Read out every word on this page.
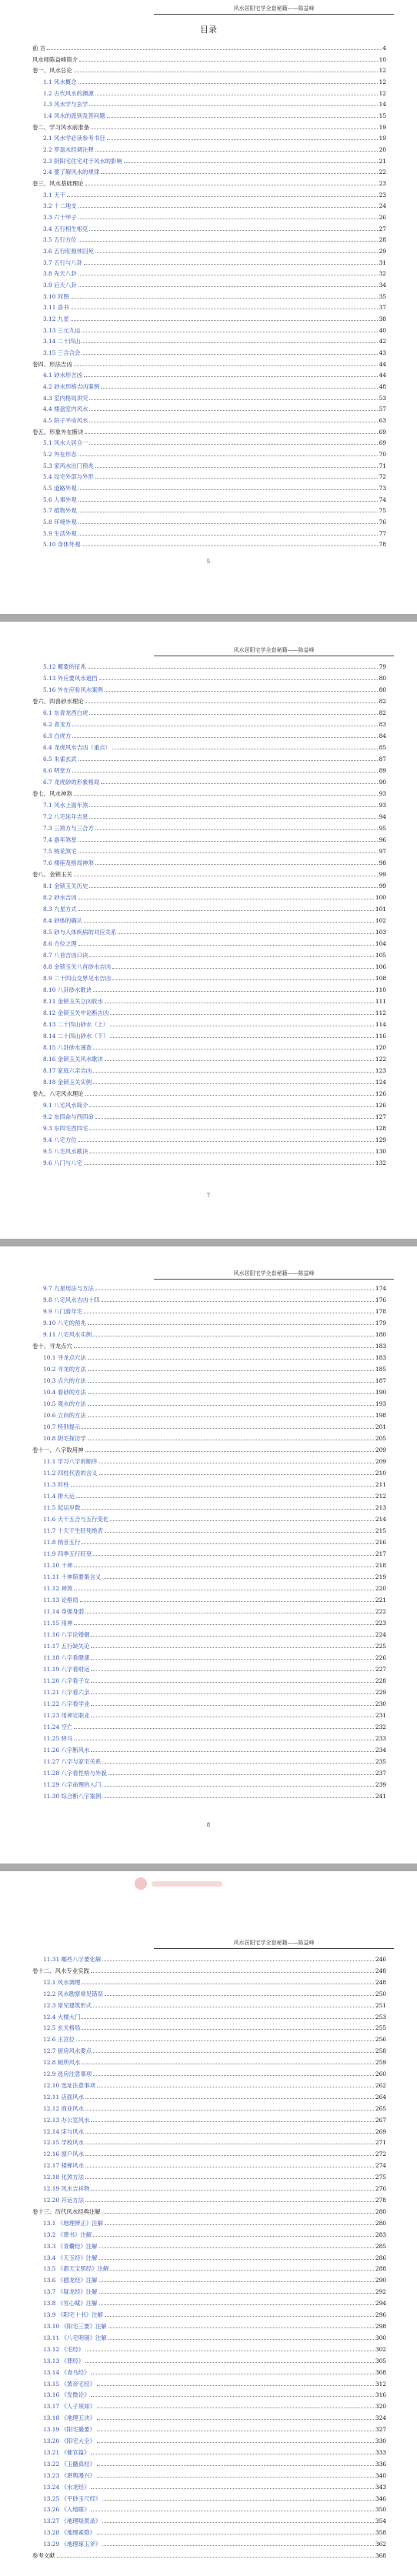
风水居阳宅学全套秘籍——陈益峰
目录
前 言	4
风水师陈益峰简介	10
卷一、风水总论	12
1.1 风水概念	12
1.2 古代风水的渊源	12
1.3 风水学与玄学	14
1.4 风水的派别及答问题	15
卷二、学习风水前准备	19
2.1 风水学必读参考书目	19
2.2 罗盘水经调注释	20
2.3 阴阳宅住宅对于风水的影响	21
2.4 要了解风水的规律	22
卷三、风水基础理论	23
3.1 天干	23
3.2 十二地支	24
3.3 六十甲子	26
3.4 五行相生相克	27
3.5 五行方位	28
3.6 五行旺相休囚死	29
3.7 五行与八卦	31
3.8 先天八卦	32
3.9 后天八卦	34
3.10 河图	35
3.11 洛书	37
3.12 九星	38
3.13 三元九运	40
3.14 二十四山	42
3.15 三合合会	43
卷四、形法吉凶	44
4.1 砂水形吉凶	44
4.2 砂水形格吉凶案例	48
4.3 室内格局讲究	53
4.4 楼盘室内风水	57
4.5 院子平房风水	63
卷五、形象外在断诀	69
5.1 风水人居合一	69
5.2 外在形态	70
5.3 家风水出门预兆	71
5.4 坟宅外部与外形	72
5.5 道路外观	73
5.6 人事外观	74
5.7 植物外观	75
5.8 环境外观	76
5.9 生活外观	77
5.10 身体外观	78
5
风水居阳宅学全套秘籍——陈益峰
5.12 概要的征兆	79
5.13 外应要风水遮挡	80
5.16 外在应验风水案例	80
卷六、四兽砂水理论	82
6.1 东青龙西白虎	82
6.2 青龙方	83
6.3 白虎方	84
6.4 龙虎风水吉凶（重点）	85
6.5 朱雀玄武	87
6.6 明堂方	89
6.7 龙虎砂的形象格局	90
卷七、风水神煞	93
7.1 风水上面年煞	93
7.2 八宅延年吉星	94
7.3 三煞方与三合方	95
7.4 游年煞星	96
7.5 桃花煞宅	97
7.6 楼座及格局神煞	98
卷八、金锁玉关	99
8.1 金锁玉关历史	99
8.2 砂水吉凶	100
8.3 九星方式	101
8.4 砂体的确认	102
8.5 砂与人体疾病的对应关系	103
8.6 方位之理	104
8.7 八首吉凶口诀	105
8.8 金锁玉关八首砂水吉凶	106
8.9 二十四山交界见水吉凶	108
8.10 八卦砂水歌诀	110
8.11 金锁玉关立向收水	111
8.12 金锁玉关中论断吉凶	112
8.13 二十四山砂水（上）	114
8.14 二十四山砂水（下）	116
8.15 八卦砂水速查	120
8.16 金锁玉关风水歌诀	122
8.17 家庭六亲吉凶	123
8.18 金锁玉关实例	124
卷九、八宅风水理论	126
9.1 八宅风水简介	126
9.2 东四命与西四命	127
9.3 东四宅西四宅	128
9.4 八宅方位	129
9.5 八宅风水歌诀	130
9.6 八门与八宅	132
7
风水居阳宅学全套秘籍——陈益峰
9.7 九星用法与方法	174
9.8 八宅风水吉凶十四	176
9.9 八门游年宅	178
9.10 八宅的预兆	179
9.11 八宅风水实例	180
卷十、寻龙点穴	183
10.1 寻龙点穴法	183
10.2 寻龙的方法	185
10.3 点穴的方法	187
10.4 看砂的方法	190
10.5 观水的方法	193
10.6 立向的方法	198
10.7 特别提示	201
10.8 阴宅探访学	205
卷十一、八字取用神	209
11.1 学习八字的顺序	209
11.2 四柱代表的含义	210
11.3 时柱	211
11.4 排大运	212
11.5 起运岁数	213
11.6 天干五合与五行变化	214
11.7 十天干生旺死绝表	215
11.8 纳音五行	216
11.9 四季五行旺衰	217
11.10 十神	218
11.11 十神简要集含义	219
11.12 神煞	220
11.13 论格局	221
11.14 身强身弱	222
11.15 用神	223
11.16 八字论婚姻	224
11.17 五行缺失论	225
11.18 八字看健康	226
11.19 八字看财运	227
11.20 八字看子女	228
11.21 八字看六亲	229
11.22 八字看学业	230
11.23 用神定职业	231
11.24 空亡	232
11.25 驿马	233
11.26 八字断风水	234
11.27 八字与家宅关系	235
11.28 八字看性格与外貌	237
11.29 八字命理的入门	239
11.30 综合断八字案例	241
8
风水居阳宅学全套秘籍——陈益峰
11.31 哪些八字要化解	246
卷十二、风水专业实践	248
12.1 风水调理	248
12.2 风水勘察常见错误	250
12.3 常见建筑形式	251
12.4 大楼大门	253
12.5 玄关格局	255
12.6 王宫位	256
12.7 厨房风水要点	258
12.8 厕所风水	259
12.9 选房注意事项	260
12.10 选址注意事项	262
12.11 店面风水	264
12.12 商业风水	265
12.13 办公室风水	267
12.14 床与风水	269
12.15 学校风水	271
12.16 窗户风水	272
12.17 楼梯风水	274
12.18 化煞方法	275
12.19 风水吉祥物	276
12.20 开运方法	278
卷十三、历代风水经典注解	280
13.1 《地理辨正》注解	280
13.2 《葬书》注解	283
13.3 《青囊经》注解	285
13.4 《天玉经》注解	286
13.5 《都天宝照经》注解	288
13.6 《撼龙经》注解	290
13.7 《疑龙经》注解	292
13.8 《雪心赋》注解	294
13.9 《阳宅十书》注解	296
13.10 《阳宅三要》注解	298
13.11 《八宅明镜》注解	300
13.12 《宅经》	302
13.13 《葬经》	305
13.14 《青乌经》	308
13.15 《黄帝宅经》	312
13.16 《发微论》	316
13.17 《人子须知》	320
13.18 《地理五诀》	324
13.19 《阳宅撮要》	327
13.20 《阳宅大全》	330
13.21 《催官篇》	333
13.22 《玉髓真经》	336
13.23 《堪舆漫兴》	340
13.24 《水龙经》	343
13.25 《平砂玉尺经》	346
13.26 《入地眼》	350
13.27 《地理啖蔗录》	354
13.28 《地理索隐》	358
13.29 《地理琢玉斧》	362
参考文献	368
